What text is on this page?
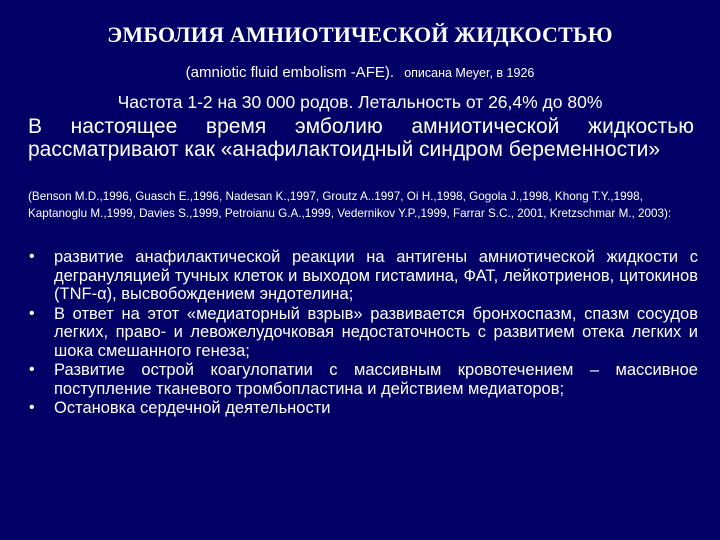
ЭМБОЛИЯ АМНИОТИЧЕСКОЙ ЖИДКОСТЬЮ
(amniotic fluid embolism -AFE). описана Meyer, в 1926
Частота 1-2 на 30 000 родов. Летальность от 26,4% до 80%
В настоящее время эмболию амниотической жидкостью рассматривают как «анафилактоидный синдром беременности»
(Benson M.D.,1996, Guasch E.,1996, Nadesan K.,1997, Groutz A..1997, Oi H.,1998, Gogola J.,1998, Khong T.Y.,1998, Kaptanoglu M.,1999, Davies S.,1999, Petroianu G.A.,1999, Vedernikov Y.P.,1999, Farrar S.C., 2001, Kretzschmar M., 2003):
• развитие анафилактической реакции на антигены амниотической жидкости с дегрануляцией тучных клеток и выходом гистамина, ФАТ, лейкотриенов, цитокинов (TNF-α), высвобождением эндотелина;
• В ответ на этот «медиаторный взрыв» развивается бронхоспазм, спазм сосудов легких, право- и левожелудочковая недостаточность с развитием отека легких и шока смешанного генеза;
• Развитие острой коагулопатии с массивным кровотечением – массивное поступление тканевого тромбопластина и действием медиаторов;
• Остановка сердечной деятельности
